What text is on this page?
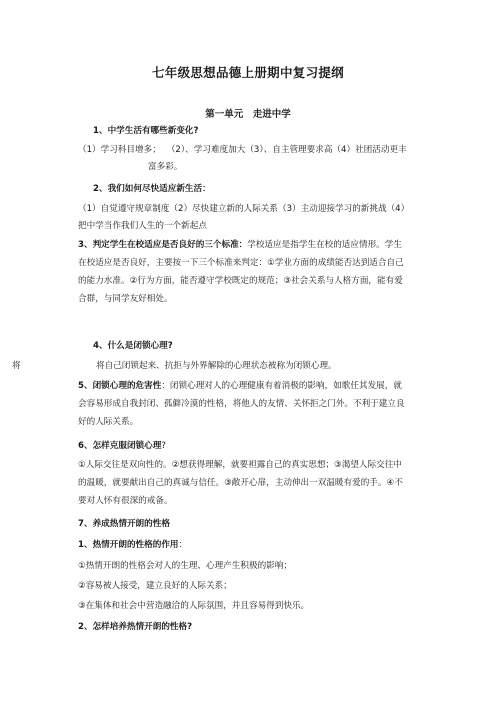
七年级思想品德上册期中复习提纲
第一单元　走进中学
1、中学生活有哪些新变化?
（1）学习科目增多； （2）、学习难度加大（3）、自主管理要求高（4）社团活动更丰
富多彩。
2、我们如何尽快适应新生活：
（1）自觉遵守规章制度（2）尽快建立新的人际关系（3）主动迎接学习的新挑战（4）
把中学当作我们人生的一个新起点
3、判定学生在校适应是否良好的三个标准：学校适应是指学生在校的适应情形。学生
在校适应是否良好，主要按一下三个标准来判定：①学业方面的成绩能否达到适合自己
的能力水准。②行为方面，能否遵守学校既定的规范；③社会关系与人格方面，能有爱
合群，与同学友好相处。
4、什么是闭锁心理?
将	将自己闭锁起来、抗拒与外界解除的心理状态被称为闭锁心理。
5、闭锁心理的危害性：闭锁心理对人的心理健康有着消极的影响，如歌任其发展，就
会容易形成自我封闭、孤僻冷漠的性格，将他人的友情、关怀拒之门外。不利于建立良
好的人际关系。
6、怎样克服闭锁心理?
①人际交往是双向性的。②想获得理解，就要袒露自己的真实思想；③渴望人际交往中
的温暖，就要献出自己的真诚与信任。③敞开心扉，主动伸出一双温暖有爱的手。④不
要对人怀有很深的戒备。
7、养成热情开朗的性格
1、热情开朗的性格的作用：
①热情开朗的性格会对人的生理、心理产生积极的影响；
②容易被人接受，建立良好的人际关系；
③在集体和社会中营造融洽的人际氛围，并且容易得到快乐。
2、怎样培养热情开朗的性格?
